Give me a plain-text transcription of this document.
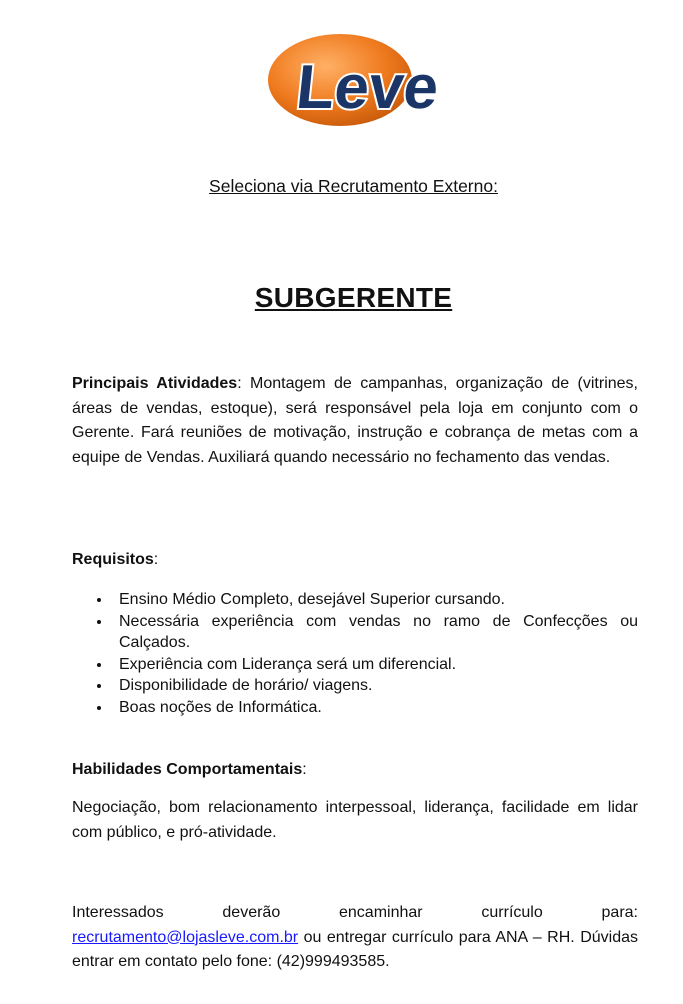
Leve
Seleciona via Recrutamento Externo:
SUBGERENTE
Principais Atividades: Montagem de campanhas, organização de (vitrines, áreas de vendas, estoque), será responsável pela loja em conjunto com o Gerente. Fará reuniões de motivação, instrução e cobrança de metas com a equipe de Vendas. Auxiliará quando necessário no fechamento das vendas.
Requisitos:
Ensino Médio Completo, desejável Superior cursando.
Necessária experiência com vendas no ramo de Confecções ou Calçados.
Experiência com Liderança será um diferencial.
Disponibilidade de horário/ viagens.
Boas noções de Informática.
Habilidades Comportamentais:
Negociação, bom relacionamento interpessoal, liderança, facilidade em lidar com público, e pró-atividade.
Interessados deverão encaminhar currículo para:
recrutamento@lojasleve.com.br ou entregar currículo para ANA – RH. Dúvidas entrar em contato pelo fone: (42)999493585.
